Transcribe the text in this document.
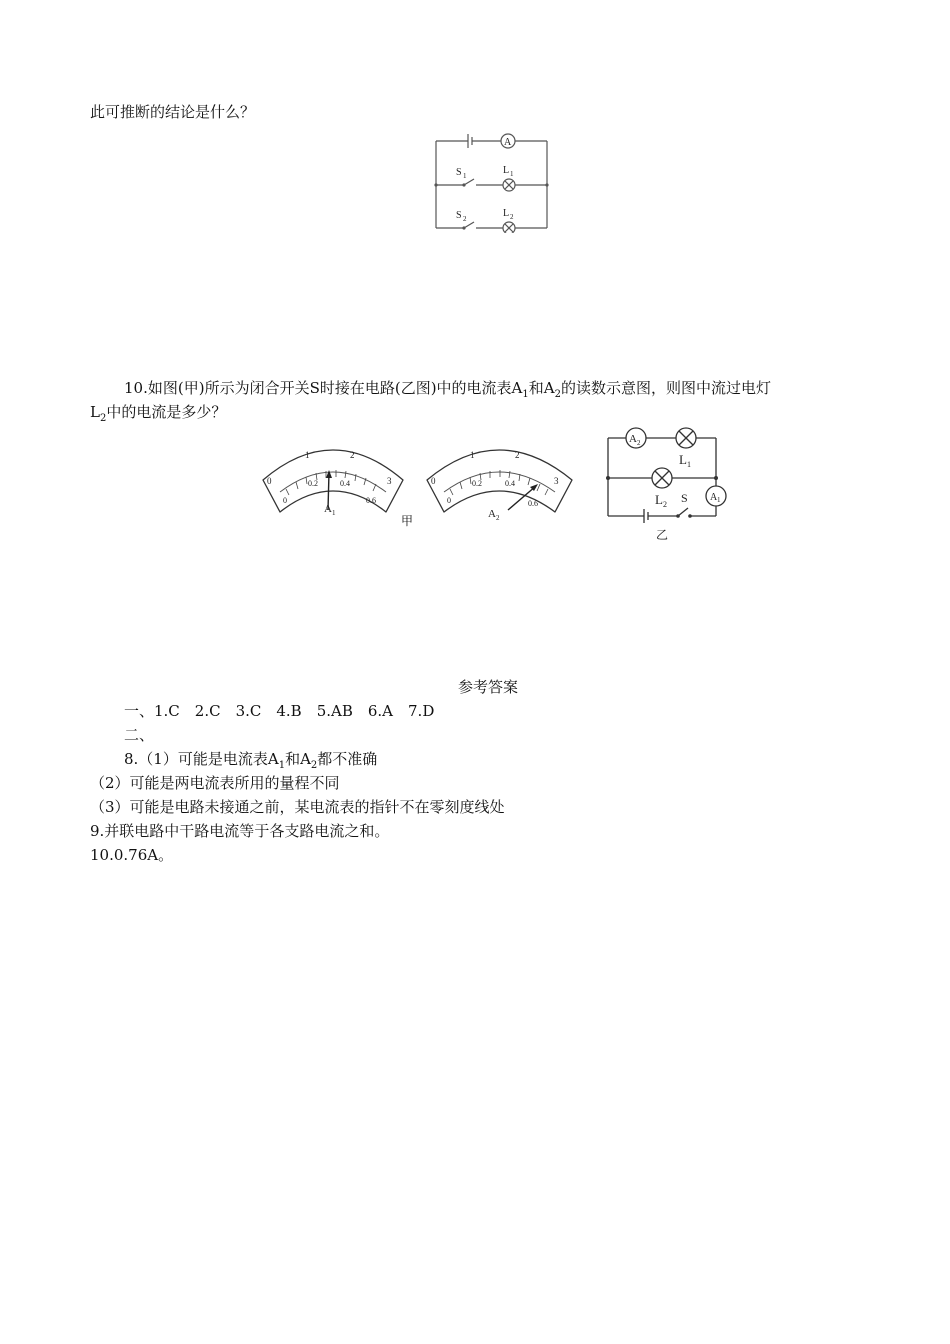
此可推断的结论是什么？
A
S 1	L 1
S 2	L 2
10.如图(甲)所示为闭合开关S时接在电路(乙图)中的电流表$A_1$和$A_2$的读数示意图，则图中流过电灯
$L_2$中的电流是多少？
0
1	2
3
0
0.2	0.4
0.6
A 1
甲
0
1	2
3
0
0.2	0.4
0.6
A 2
A 2
L 1
L 2 S A 1
乙
参考答案
一、1.C　2.C　3.C　4.B　5.AB　6.A　7.D
二、
8.（1）可能是电流表$A_1$和$A_2$都不准确
（2）可能是两电流表所用的量程不同
（3）可能是电路未接通之前，某电流表的指针不在零刻度线处
9.并联电路中干路电流等于各支路电流之和。
10.0.76A。
